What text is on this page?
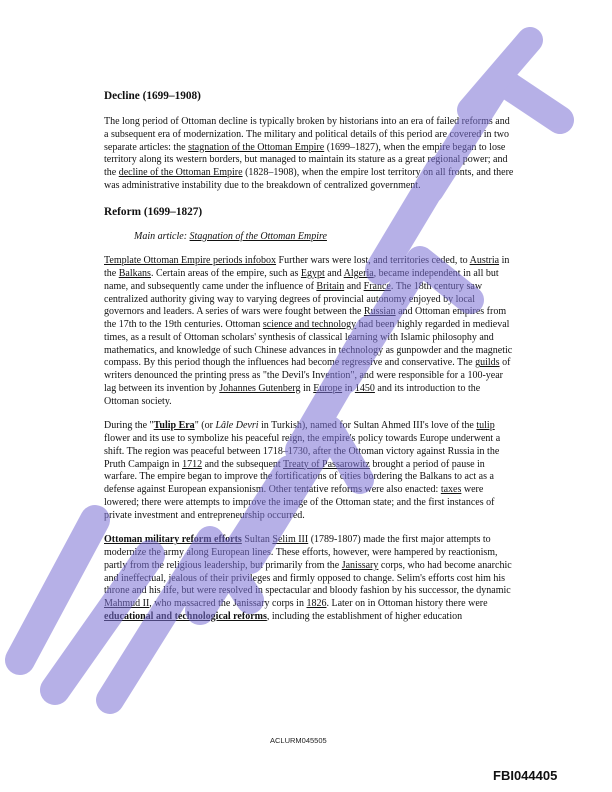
Decline (1699–1908)

The long period of Ottoman decline is typically broken by historians into an era of failed reforms and a subsequent era of modernization. The military and political details of this period are covered in two separate articles: the stagnation of the Ottoman Empire (1699–1827), when the empire began to lose territory along its western borders, but managed to maintain its stature as a great regional power; and the decline of the Ottoman Empire (1828–1908), when the empire lost territory on all fronts, and there was administrative instability due to the breakdown of centralized government.

Reform (1699–1827)

Main article: Stagnation of the Ottoman Empire

Template Ottoman Empire periods infobox Further wars were lost, and territories ceded, to Austria in the Balkans. Certain areas of the empire, such as Egypt and Algeria, became independent in all but name, and subsequently came under the influence of Britain and France. The 18th century saw centralized authority giving way to varying degrees of provincial autonomy enjoyed by local governors and leaders. A series of wars were fought between the Russian and Ottoman empires from the 17th to the 19th centuries. Ottoman science and technology had been highly regarded in medieval times, as a result of Ottoman scholars' synthesis of classical learning with Islamic philosophy and mathematics, and knowledge of such Chinese advances in technology as gunpowder and the magnetic compass. By this period though the influences had become regressive and conservative. The guilds of writers denounced the printing press as "the Devil's Invention", and were responsible for a 100-year lag between its invention by Johannes Gutenberg in Europe in 1450 and its introduction to the Ottoman society.

During the "Tulip Era" (or Lâle Devri in Turkish), named for Sultan Ahmed III's love of the tulip flower and its use to symbolize his peaceful reign, the empire's policy towards Europe underwent a shift. The region was peaceful between 1718–1730, after the Ottoman victory against Russia in the Pruth Campaign in 1712 and the subsequent Treaty of Passarowitz brought a period of pause in warfare. The empire began to improve the fortifications of cities bordering the Balkans to act as a defense against European expansionism. Other tentative reforms were also enacted: taxes were lowered; there were attempts to improve the image of the Ottoman state; and the first instances of private investment and entrepreneurship occurred.

Ottoman military reform efforts Sultan Selim III (1789-1807) made the first major attempts to modernize the army along European lines. These efforts, however, were hampered by reactionism, partly from the religious leadership, but primarily from the Janissary corps, who had become anarchic and ineffectual, jealous of their privileges and firmly opposed to change. Selim's efforts cost him his throne and his life, but were resolved in spectacular and bloody fashion by his successor, the dynamic Mahmud II, who massacred the Janissary corps in 1826. Later on in Ottoman history there were educational and technological reforms, including the establishment of higher education

ACLURM045505
FBI044405
